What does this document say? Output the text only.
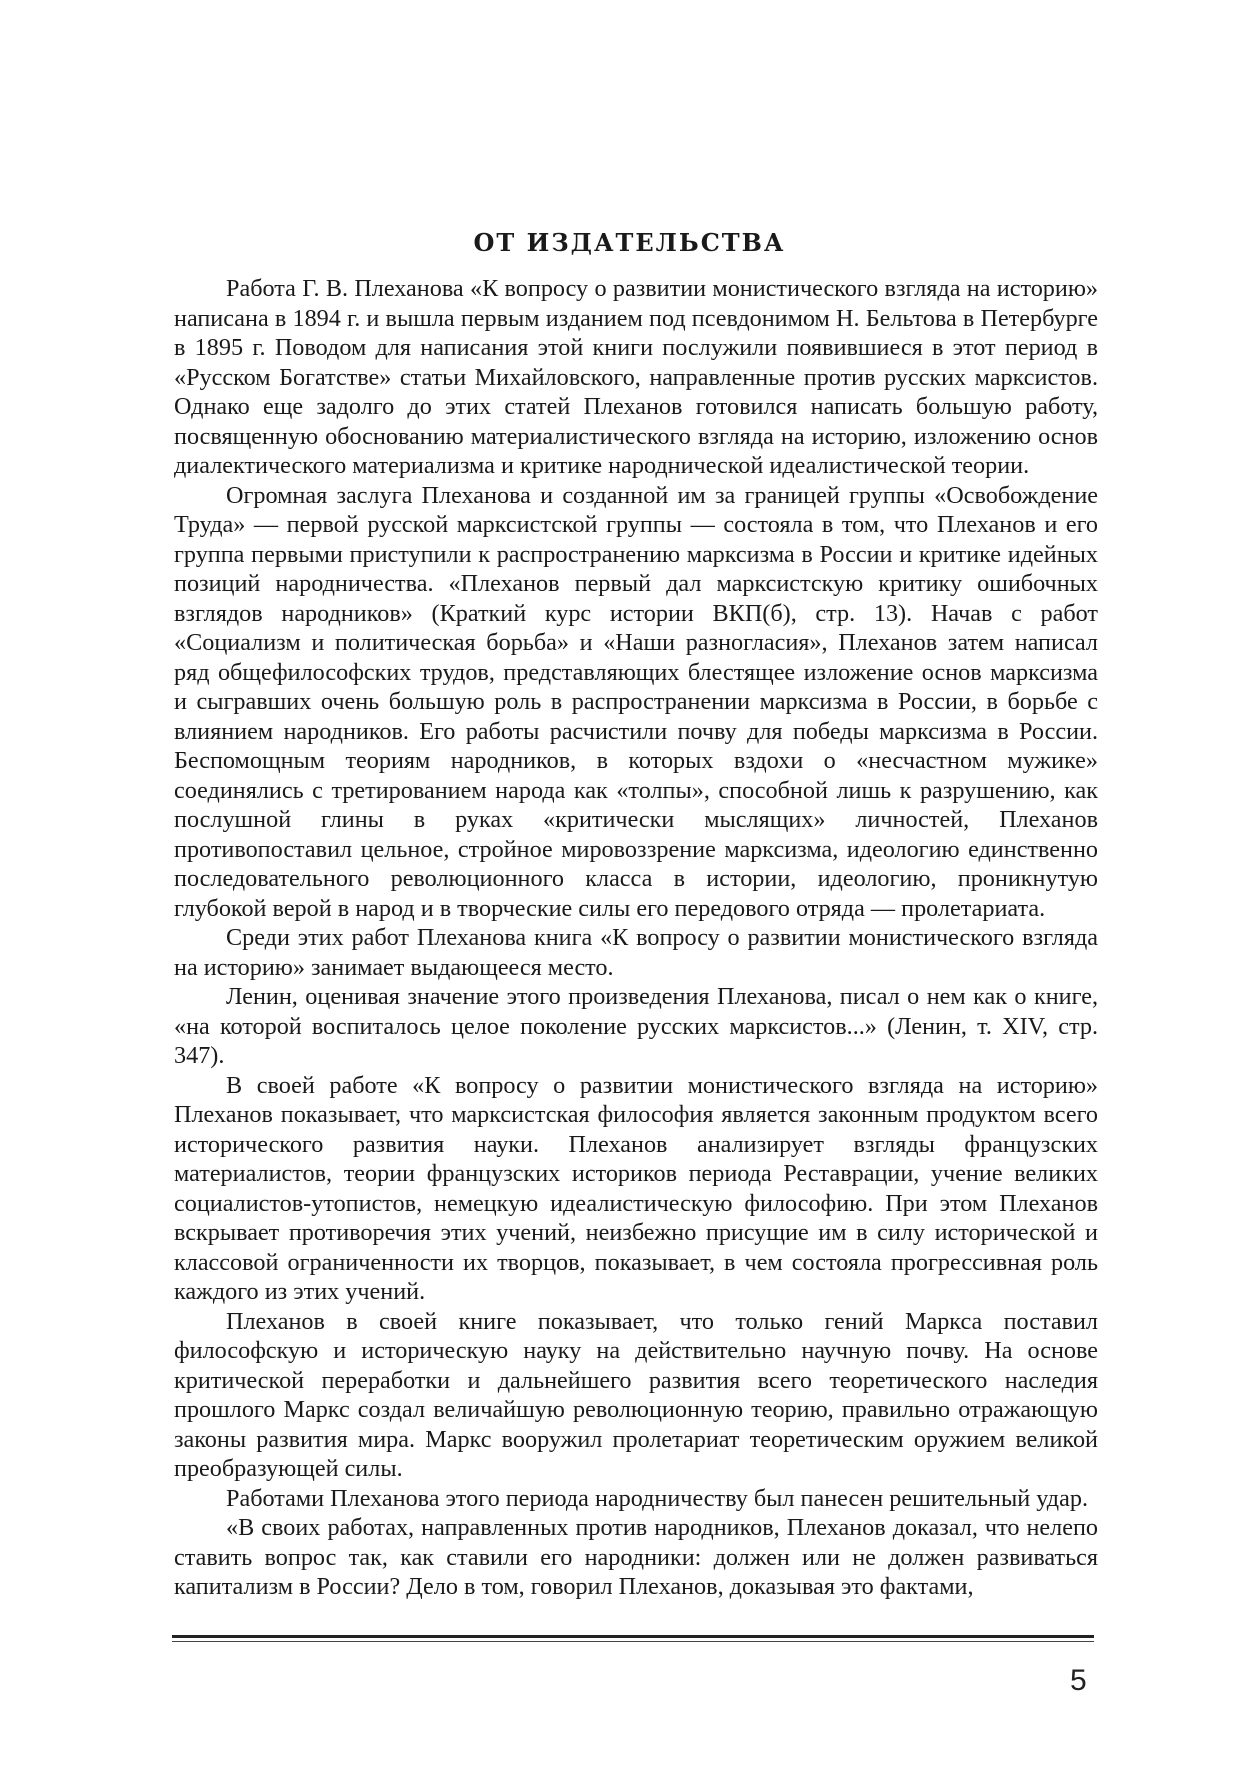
ОТ ИЗДАТЕЛЬСТВА

Работа Г. В. Плеханова «К вопросу о развитии монистического взгляда на историю» написана в 1894 г. и вышла первым изданием под псевдонимом Н. Бельтова в Петербурге в 1895 г. Поводом для написания этой книги послужили появившиеся в этот период в «Русском Богатстве» статьи Михайловского, направленные против русских марксистов. Однако еще задолго до этих статей Плеханов готовился написать большую работу, посвященную обоснованию материалистического взгляда на историю, изложению основ диалектического материализма и критике народнической идеалистической теории.

Огромная заслуга Плеханова и созданной им за границей группы «Освобождение Труда» — первой русской марксистской группы — состояла в том, что Плеханов и его группа первыми приступили к распространению марксизма в России и критике идейных позиций народничества. «Плеханов первый дал марксистскую критику ошибочных взглядов народников» (Краткий курс истории ВКП(б), стр. 13). Начав с работ «Социализм и политическая борьба» и «Наши разногласия», Плеханов затем написал ряд общефилософских трудов, представляющих блестящее изложение основ марксизма и сыгравших очень большую роль в распространении марксизма в России, в борьбе с влиянием народников. Его работы расчистили почву для победы марксизма в России. Беспомощным теориям народников, в которых вздохи о «несчастном мужике» соединялись с третированием народа как «толпы», способной лишь к разрушению, как послушной глины в руках «критически мыслящих» личностей, Плеханов противопоставил цельное, стройное мировоззрение марксизма, идеологию единственно последовательного революционного класса в истории, идеологию, проникнутую глубокой верой в народ и в творческие силы его передового отряда — пролетариата.

Среди этих работ Плеханова книга «К вопросу о развитии монистического взгляда на историю» занимает выдающееся место.

Ленин, оценивая значение этого произведения Плеханова, писал о нем как о книге, «на которой воспиталось целое поколение русских марксистов...» (Ленин, т. XIV, стр. 347).

В своей работе «К вопросу о развитии монистического взгляда на историю» Плеханов показывает, что марксистская философия является законным продуктом всего исторического развития науки. Плеханов анализирует взгляды французских материалистов, теории французских историков периода Реставрации, учение великих социалистов-утопистов, немецкую идеалистическую философию. При этом Плеханов вскрывает противоречия этих учений, неизбежно присущие им в силу исторической и классовой ограниченности их творцов, показывает, в чем состояла прогрессивная роль каждого из этих учений.

Плеханов в своей книге показывает, что только гений Маркса поставил философскую и историческую науку на действительно научную почву. На основе критической переработки и дальнейшего развития всего теоретического наследия прошлого Маркс создал величайшую революционную теорию, правильно отражающую законы развития мира. Маркс вооружил пролетариат теоретическим оружием великой преобразующей силы.

Работами Плеханова этого периода народничеству был панесен решительный удар.

«В своих работах, направленных против народников, Плеханов доказал, что нелепо ставить вопрос так, как ставили его народники: должен или не должен развиваться капитализм в России? Дело в том, говорил Плеханов, доказывая это фактами,

5
